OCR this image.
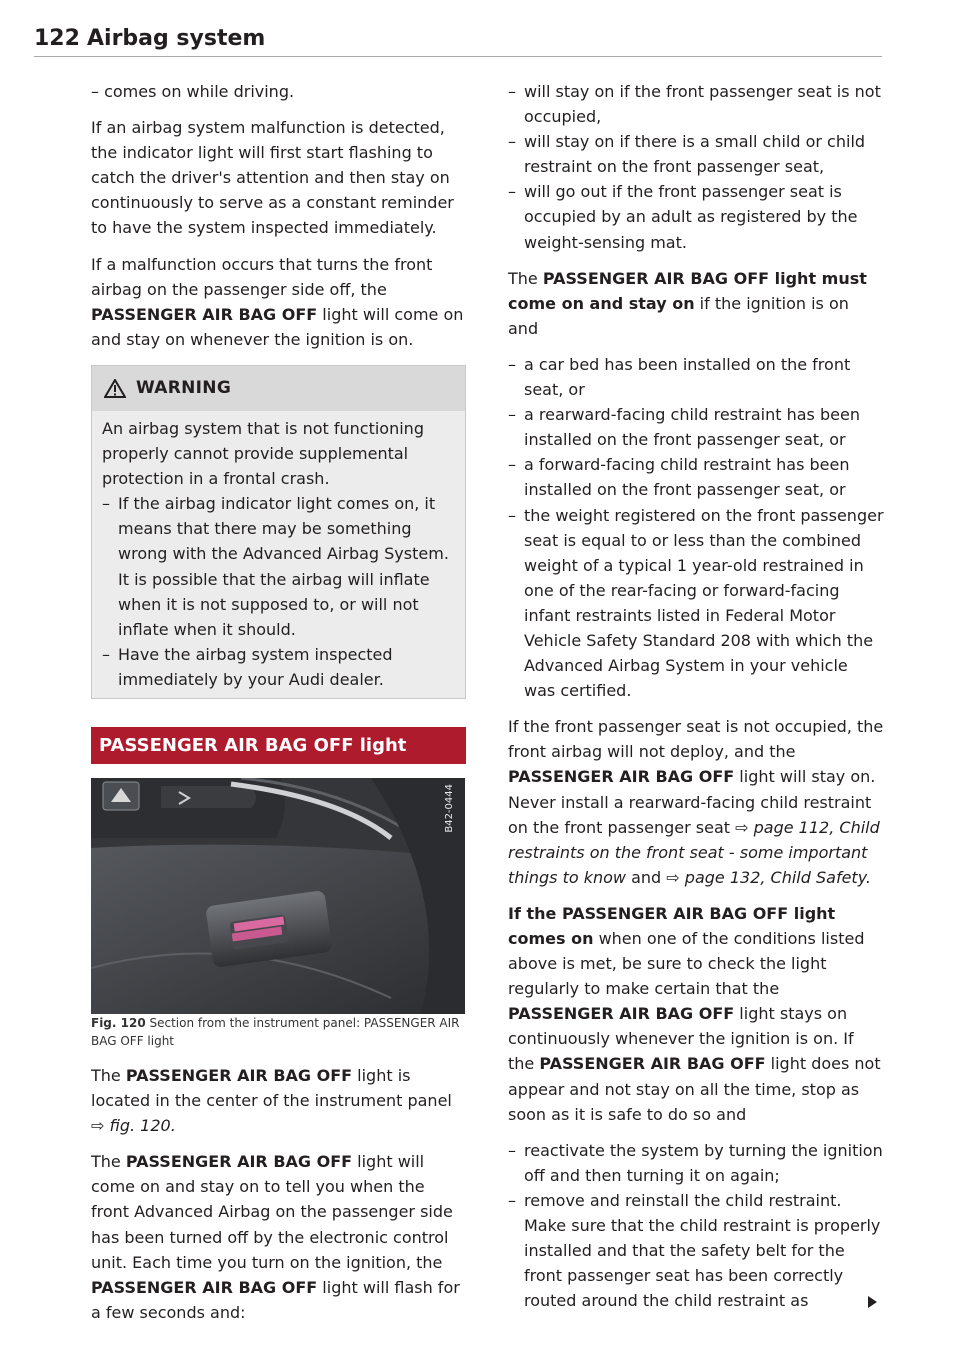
122 Airbag system

– comes on while driving.

If an airbag system malfunction is detected, the indicator light will first start flashing to catch the driver's attention and then stay on continuously to serve as a constant reminder to have the system inspected immediately.

If a malfunction occurs that turns the front airbag on the passenger side off, the PASSENGER AIR BAG OFF light will come on and stay on whenever the ignition is on.

WARNING

An airbag system that is not functioning properly cannot provide supplemental protection in a frontal crash.

– If the airbag indicator light comes on, it means that there may be something wrong with the Advanced Airbag System. It is possible that the airbag will inflate when it is not supposed to, or will not inflate when it should.

– Have the airbag system inspected immediately by your Audi dealer.

PASSENGER AIR BAG OFF light
B42-0444

Fig. 120 Section from the instrument panel: PASSENGER AIR BAG OFF light

The PASSENGER AIR BAG OFF light is located in the center of the instrument panel ⇨ fig. 120.

The PASSENGER AIR BAG OFF light will come on and stay on to tell you when the front Advanced Airbag on the passenger side has been turned off by the electronic control unit. Each time you turn on the ignition, the PASSENGER AIR BAG OFF light will flash for a few seconds and:

– will stay on if the front passenger seat is not occupied,

– will stay on if there is a small child or child restraint on the front passenger seat,

– will go out if the front passenger seat is occupied by an adult as registered by the weight-sensing mat.

The PASSENGER AIR BAG OFF light must come on and stay on if the ignition is on and

– a car bed has been installed on the front seat, or

– a rearward-facing child restraint has been installed on the front passenger seat, or

– a forward-facing child restraint has been installed on the front passenger seat, or

– the weight registered on the front passenger seat is equal to or less than the combined weight of a typical 1 year-old restrained in one of the rear-facing or forward-facing infant restraints listed in Federal Motor Vehicle Safety Standard 208 with which the Advanced Airbag System in your vehicle was certified.

If the front passenger seat is not occupied, the front airbag will not deploy, and the PASSENGER AIR BAG OFF light will stay on. Never install a rearward-facing child restraint on the front passenger seat ⇨ page 112, Child restraints on the front seat - some important things to know and ⇨ page 132, Child Safety.

If the PASSENGER AIR BAG OFF light comes on when one of the conditions listed above is met, be sure to check the light regularly to make certain that the PASSENGER AIR BAG OFF light stays on continuously whenever the ignition is on. If the PASSENGER AIR BAG OFF light does not appear and not stay on all the time, stop as soon as it is safe to do so and

– reactivate the system by turning the ignition off and then turning it on again;

– remove and reinstall the child restraint. Make sure that the child restraint is properly installed and that the safety belt for the front passenger seat has been correctly routed around the child restraint as
